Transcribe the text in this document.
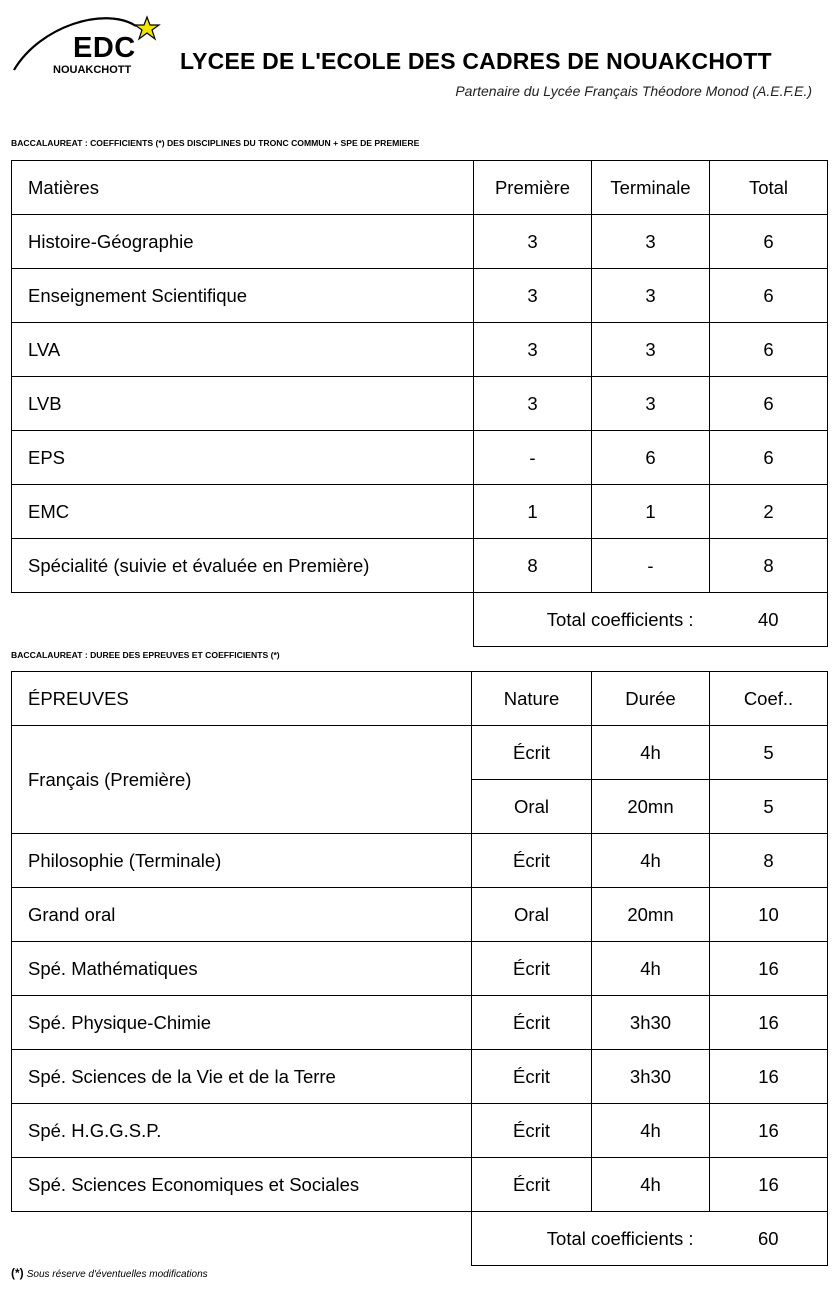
EDC
NOUAKCHOTT LYCEE DE L'ECOLE DES CADRES DE NOUAKCHOTT
Partenaire du Lycée Français Théodore Monod (A.E.F.E.)
BACCALAUREAT : COEFFICIENTS (*) DES DISCIPLINES DU TRONC COMMUN + SPE DE PREMIERE
Matières	Première	Terminale	Total
Histoire-Géographie	3	3	6
Enseignement Scientifique	3	3	6
LVA	3	3	6
LVB	3	3	6
EPS	-	6	6
EMC	1	1	2
Spécialité (suivie et évaluée en Première)	8	-	8
	Total coefficients :		40
BACCALAUREAT : DUREE DES EPREUVES ET COEFFICIENTS (*)
ÉPREUVES	Nature	Durée	Coef..
Français (Première)	Écrit	4h	5
	Oral	20mn	5
Philosophie (Terminale)	Écrit	4h	8
Grand oral	Oral	20mn	10
Spé. Mathématiques	Écrit	4h	16
Spé. Physique-Chimie	Écrit	3h30	16
Spé. Sciences de la Vie et de la Terre	Écrit	3h30	16
Spé. H.G.G.S.P.	Écrit	4h	16
Spé. Sciences Economiques et Sociales	Écrit	4h	16
	Total coefficients :		60
(*) Sous réserve d'éventuelles modifications
